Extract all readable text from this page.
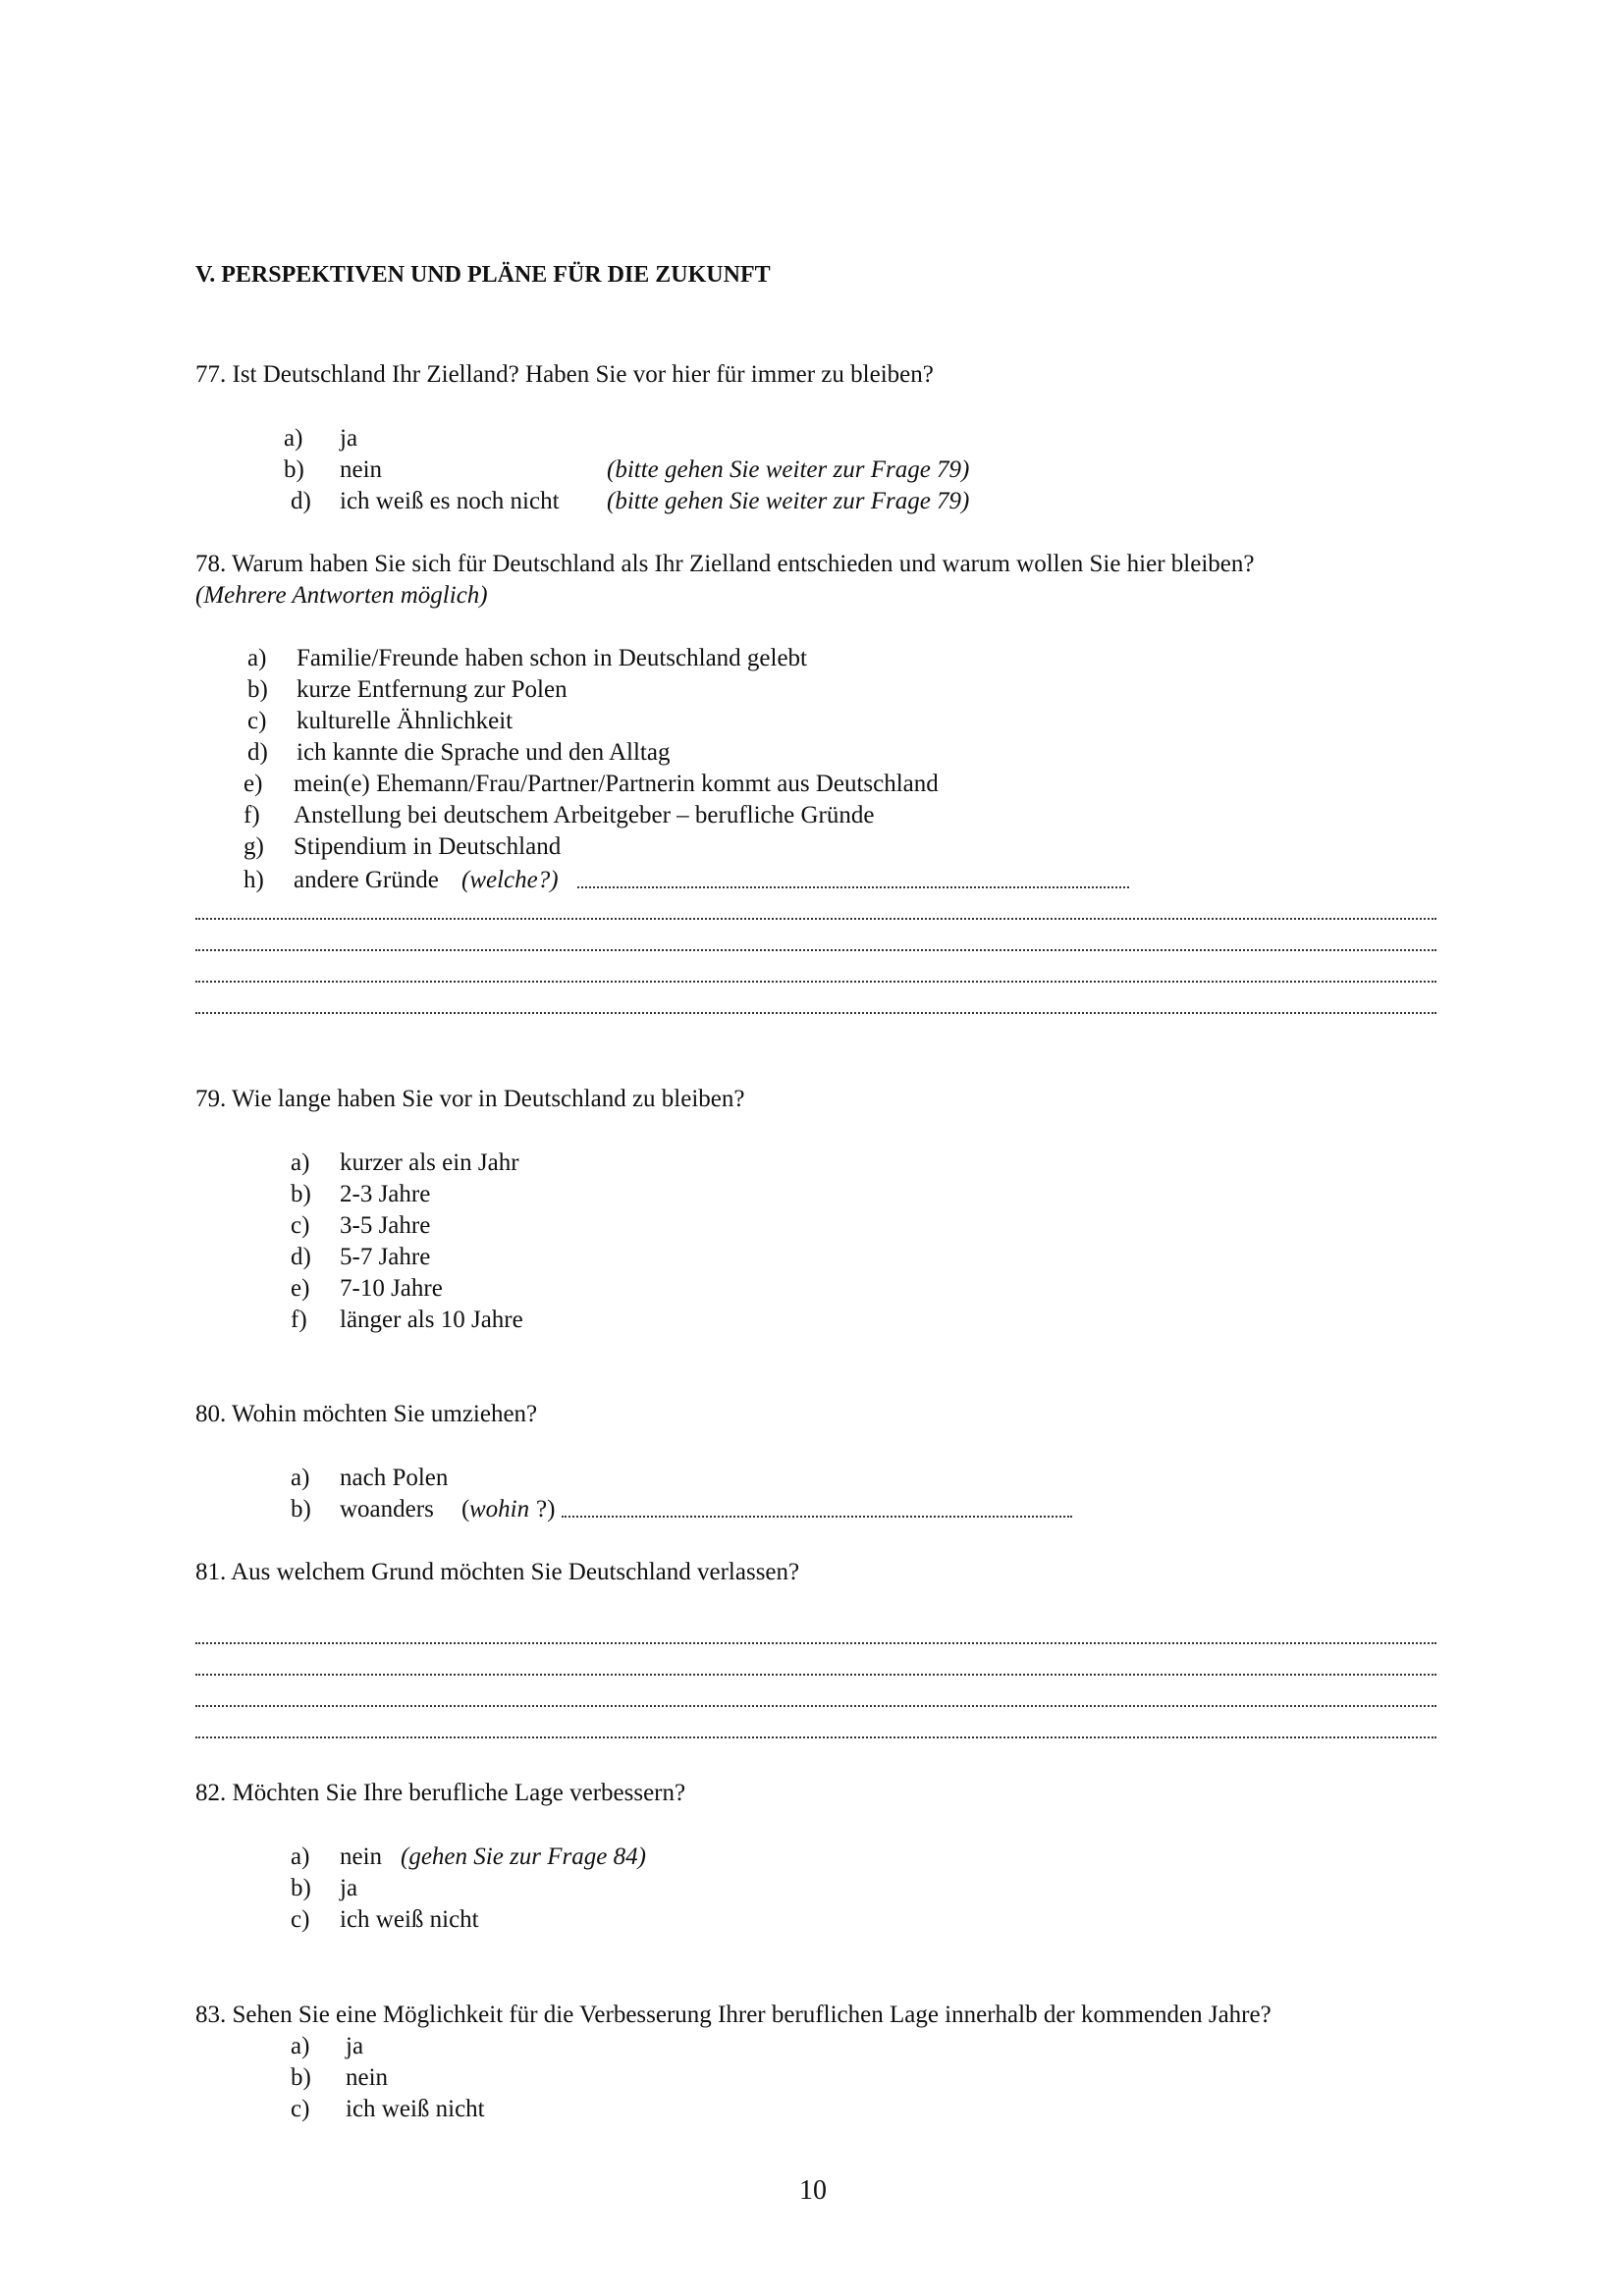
V. PERSPEKTIVEN UND PLÄNE FÜR DIE ZUKUNFT
77. Ist Deutschland Ihr Zielland? Haben Sie vor hier für immer zu bleiben?
a) ja
b) nein	(bitte gehen Sie weiter zur Frage 79)
d) ich weiß es noch nicht (bitte gehen Sie weiter zur Frage 79)
78. Warum haben Sie sich für Deutschland als Ihr Zielland entschieden und warum wollen Sie hier bleiben?
(Mehrere Antworten möglich)
a) Familie/Freunde haben schon in Deutschland gelebt
b) kurze Entfernung zur Polen
c) kulturelle Ähnlichkeit
d) ich kannte die Sprache und den Alltag
e) mein(e) Ehemann/Frau/Partner/Partnerin kommt aus Deutschland
f) Anstellung bei deutschem Arbeitgeber – berufliche Gründe
g) Stipendium in Deutschland
h) andere Gründe (welche?)
79. Wie lange haben Sie vor in Deutschland zu bleiben?
a) kurzer als ein Jahr
b) 2-3 Jahre
c) 3-5 Jahre
d) 5-7 Jahre
e) 7-10 Jahre
f) länger als 10 Jahre
80. Wohin möchten Sie umziehen?
a) nach Polen
b) woanders ( wohin ?)
81. Aus welchem Grund möchten Sie Deutschland verlassen?
82. Möchten Sie Ihre berufliche Lage verbessern?
a) nein (gehen Sie zur Frage 84)
b) ja
c) ich weiß nicht
83. Sehen Sie eine Möglichkeit für die Verbesserung Ihrer beruflichen Lage innerhalb der kommenden Jahre?
a) ja
b) nein
c) ich weiß nicht
10
